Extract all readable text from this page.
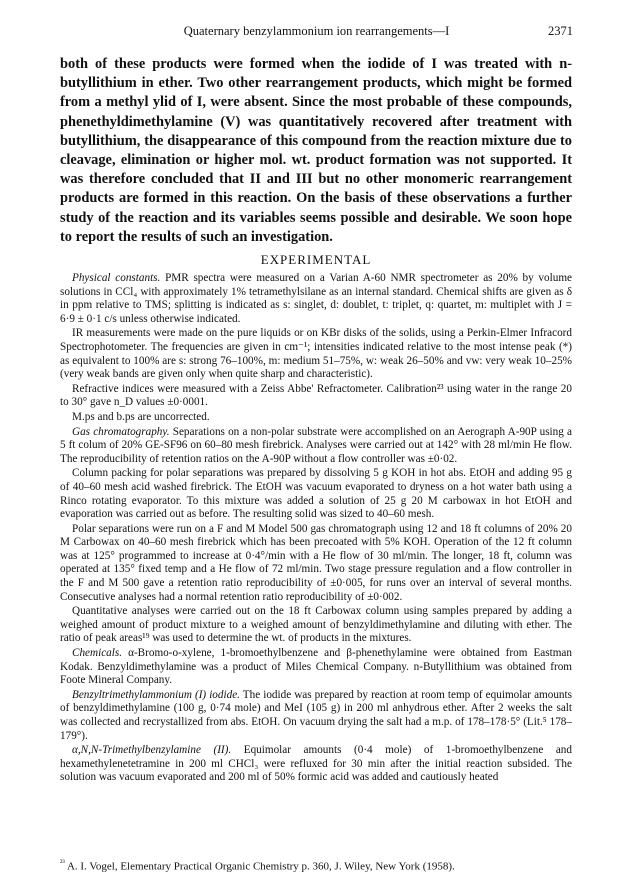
Quaternary benzylammonium ion rearrangements—I	2371

both of these products were formed when the iodide of I was treated with n-butyllithium in ether. Two other rearrangement products, which might be formed from a methyl ylid of I, were absent. Since the most probable of these compounds, phenethyldimethylamine (V) was quantitatively recovered after treatment with butyllithium, the disappearance of this compound from the reaction mixture due to cleavage, elimination or higher mol. wt. product formation was not supported. It was therefore concluded that II and III but no other monomeric rearrangement products are formed in this reaction. On the basis of these observations a further study of the reaction and its variables seems possible and desirable. We soon hope to report the results of such an investigation.

EXPERIMENTAL

Physical constants. PMR spectra were measured on a Varian A-60 NMR spectrometer as 20% by volume solutions in CCl₄ with approximately 1% tetramethylsilane as an internal standard. Chemical shifts are given as δ in ppm relative to TMS; splitting is indicated as s: singlet, d: doublet, t: triplet, q: quartet, m: multiplet with J = 6·9 ± 0·1 c/s unless otherwise indicated.

IR measurements were made on the pure liquids or on KBr disks of the solids, using a Perkin-Elmer Infracord Spectrophotometer. The frequencies are given in cm⁻¹; intensities indicated relative to the most intense peak (*) as equivalent to 100% are s: strong 76–100%, m: medium 51–75%, w: weak 26–50% and vw: very weak 10–25% (very weak bands are given only when quite sharp and characteristic).

Refractive indices were measured with a Zeiss Abbe' Refractometer. Calibration²³ using water in the range 20 to 30° gave n_D values ±0·0001.

M.ps and b.ps are uncorrected.

Gas chromatography. Separations on a non-polar substrate were accomplished on an Aerograph A-90P using a 5 ft colum of 20% GE-SF96 on 60–80 mesh firebrick. Analyses were carried out at 142° with 28 ml/min He flow. The reproducibility of retention ratios on the A-90P without a flow controller was ±0·02.

Column packing for polar separations was prepared by dissolving 5 g KOH in hot abs. EtOH and adding 95 g of 40–60 mesh acid washed firebrick. The EtOH was vacuum evaporated to dryness on a hot water bath using a Rinco rotating evaporator. To this mixture was added a solution of 25 g 20 M carbowax in hot EtOH and evaporation was carried out as before. The resulting solid was sized to 40–60 mesh.

Polar separations were run on a F and M Model 500 gas chromatograph using 12 and 18 ft columns of 20% 20 M Carbowax on 40–60 mesh firebrick which has been precoated with 5% KOH. Operation of the 12 ft column was at 125° programmed to increase at 0·4°/min with a He flow of 30 ml/min. The longer, 18 ft, column was operated at 135° fixed temp and a He flow of 72 ml/min. Two stage pressure regulation and a flow controller in the F and M 500 gave a retention ratio reproducibility of ±0·005, for runs over an interval of several months. Consecutive analyses had a normal retention ratio reproducibility of ±0·002.

Quantitative analyses were carried out on the 18 ft Carbowax column using samples prepared by adding a weighed amount of product mixture to a weighed amount of benzyldimethylamine and diluting with ether. The ratio of peak areas¹⁹ was used to determine the wt. of products in the mixtures.

Chemicals. α-Bromo-o-xylene, 1-bromoethylbenzene and β-phenethylamine were obtained from Eastman Kodak. Benzyldimethylamine was a product of Miles Chemical Company. n-Butyllithium was obtained from Foote Mineral Company.

Benzyltrimethylammonium (I) iodide. The iodide was prepared by reaction at room temp of equimolar amounts of benzyldimethylamine (100 g, 0·74 mole) and MeI (105 g) in 200 ml anhydrous ether. After 2 weeks the salt was collected and recrystallized from abs. EtOH. On vacuum drying the salt had a m.p. of 178–178·5° (Lit.⁵ 178–179°).

α,N,N-Trimethylbenzylamine (II). Equimolar amounts (0·4 mole) of 1-bromoethylbenzene and hexamethylenetetramine in 200 ml CHCl₃ were refluxed for 30 min after the initial reaction subsided. The solution was vacuum evaporated and 200 ml of 50% formic acid was added and cautiously heated

$^{^{23}}$ A. I. Vogel, Elementary Practical Organic Chemistry p. 360, J. Wiley, New York (1958).
